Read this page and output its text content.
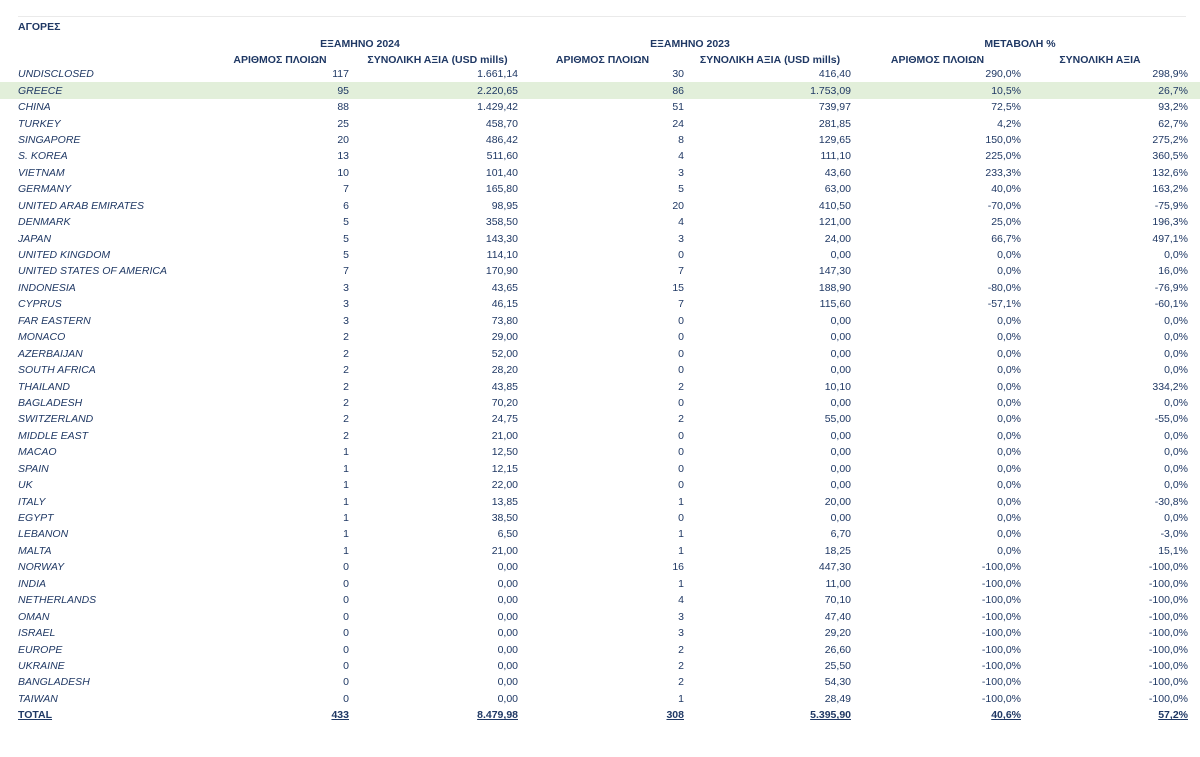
ΑΓΟΡΕΣ
ΕΞΑΜΗΝΟ 2024	ΕΞΑΜΗΝΟ 2023	ΜΕΤΑΒΟΛΗ %
ΑΡΙΘΜΟΣ ΠΛΟΙΩΝ	ΣΥΝΟΛΙΚΗ ΑΞΙΑ (USD mills)	ΑΡΙΘΜΟΣ ΠΛΟΙΩΝ	ΣΥΝΟΛΙΚΗ ΑΞΙΑ (USD mills)	ΑΡΙΘΜΟΣ ΠΛΟΙΩΝ	ΣΥΝΟΛΙΚΗ ΑΞΙΑ
UNDISCLOSED	117	1.661,14	30	416,40	290,0%	298,9%	
GREECE	95	2.220,65	86	1.753,09	10,5%	26,7%	
CHINA	88	1.429,42	51	739,97	72,5%	93,2%	
TURKEY	25	458,70	24	281,85	4,2%	62,7%	
SINGAPORE	20	486,42	8	129,65	150,0%	275,2%	
S. KOREA	13	511,60	4	111,10	225,0%	360,5%	
VIETNAM	10	101,40	3	43,60	233,3%	132,6%	
GERMANY	7	165,80	5	63,00	40,0%	163,2%	
UNITED ARAB EMIRATES	6	98,95	20	410,50	-70,0%	-75,9%	
DENMARK	5	358,50	4	121,00	25,0%	196,3%	
JAPAN	5	143,30	3	24,00	66,7%	497,1%	
UNITED KINGDOM	5	114,10	0	0,00	0,0%	0,0%	
UNITED STATES OF AMERICA	7	170,90	7	147,30	0,0%	16,0%	
INDONESIA	3	43,65	15	188,90	-80,0%	-76,9%	
CYPRUS	3	46,15	7	115,60	-57,1%	-60,1%	
FAR EASTERN	3	73,80	0	0,00	0,0%	0,0%	
MONACO	2	29,00	0	0,00	0,0%	0,0%	
AZERBAIJAN	2	52,00	0	0,00	0,0%	0,0%	
SOUTH AFRICA	2	28,20	0	0,00	0,0%	0,0%	
THAILAND	2	43,85	2	10,10	0,0%	334,2%	
BAGLADESH	2	70,20	0	0,00	0,0%	0,0%	
SWITZERLAND	2	24,75	2	55,00	0,0%	-55,0%	
MIDDLE EAST	2	21,00	0	0,00	0,0%	0,0%	
MACAO	1	12,50	0	0,00	0,0%	0,0%	
SPAIN	1	12,15	0	0,00	0,0%	0,0%	
UK	1	22,00	0	0,00	0,0%	0,0%	
ITALY	1	13,85	1	20,00	0,0%	-30,8%	
EGYPT	1	38,50	0	0,00	0,0%	0,0%	
LEBANON	1	6,50	1	6,70	0,0%	-3,0%	
MALTA	1	21,00	1	18,25	0,0%	15,1%	
NORWAY	0	0,00	16	447,30	-100,0%	-100,0%	
INDIA	0	0,00	1	11,00	-100,0%	-100,0%	
NETHERLANDS	0	0,00	4	70,10	-100,0%	-100,0%	
OMAN	0	0,00	3	47,40	-100,0%	-100,0%	
ISRAEL	0	0,00	3	29,20	-100,0%	-100,0%	
EUROPE	0	0,00	2	26,60	-100,0%	-100,0%	
UKRAINE	0	0,00	2	25,50	-100,0%	-100,0%	
BANGLADESH	0	0,00	2	54,30	-100,0%	-100,0%	
TAIWAN	0	0,00	1	28,49	-100,0%	-100,0%	
TOTAL	433	8.479,98	308	5.395,90	40,6%	57,2%	
